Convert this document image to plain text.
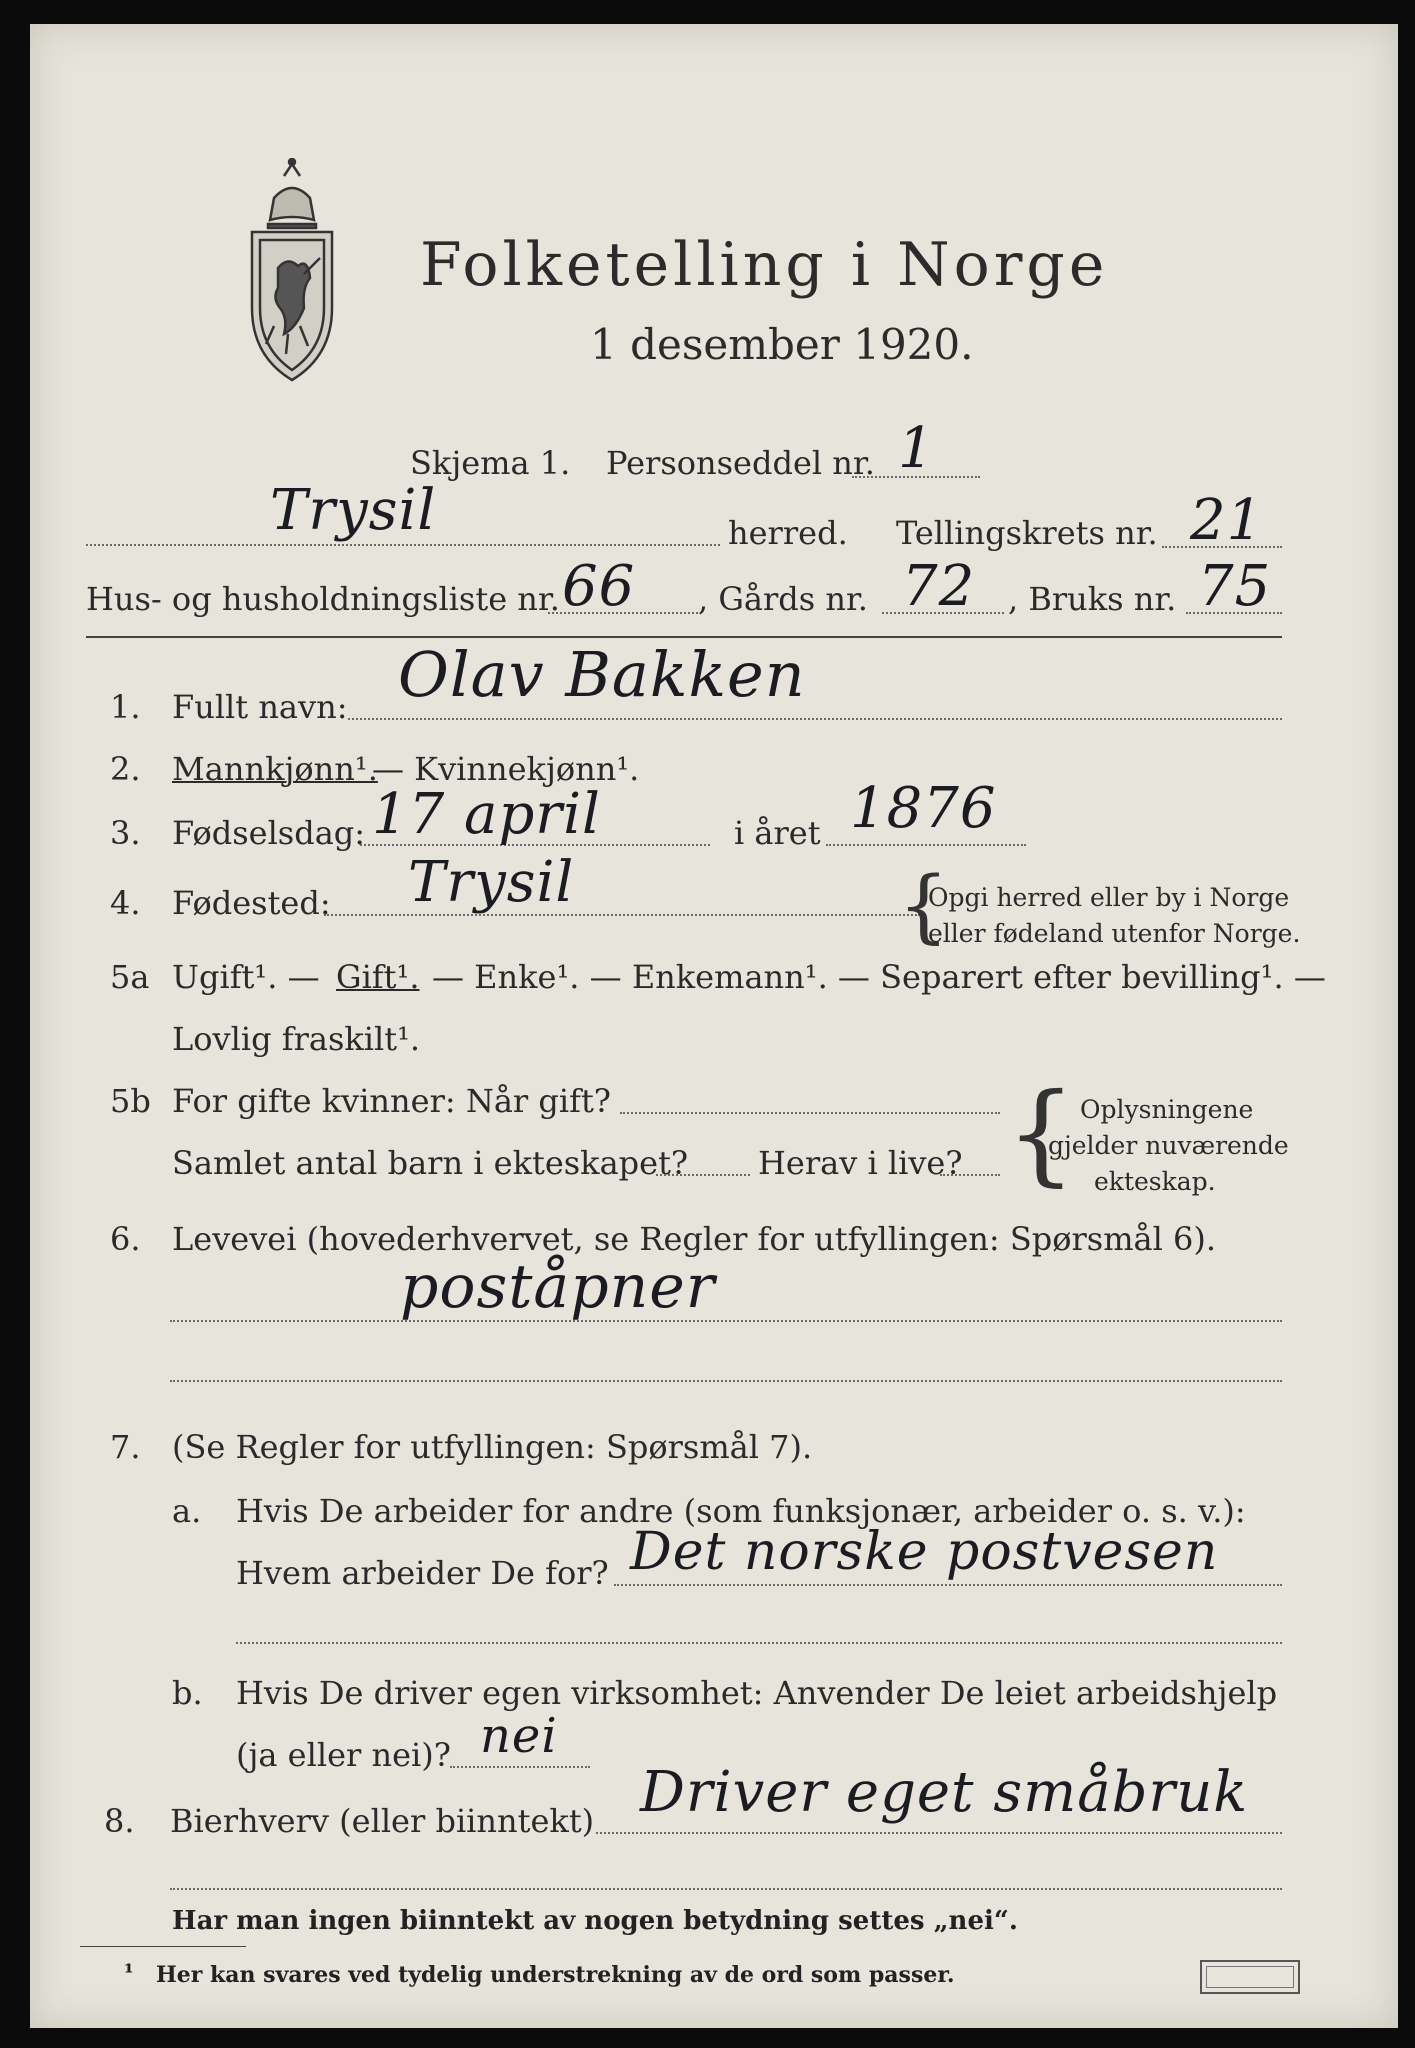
Folketelling i Norge
1 desember 1920.
Skjema 1. Personseddel nr. 1
Trysil	herred. Tellingskrets nr. 21
Hus- og husholdningsliste nr. 66 , Gårds nr. 72 , Bruks nr. 75
1. Fullt navn: Olav Bakken
2. Mannkjønn¹.
— Kvinnekjønn¹.
3. Fødselsdag: 17 april	i året 1876
4. Fødested: Trysil	{
Opgi herred eller by i Norge
eller fødeland utenfor Norge.
5a Ugift¹. — Gift¹. — Enke¹. — Enkemann¹. — Separert efter bevilling¹. —
Lovlig fraskilt¹.
5b For gifte kvinner: Når gift?
Samlet antal barn i ekteskapet? Herav i live? { Oplysningene
gjelder nuværende
ekteskap.
6. Levevei (hovederhvervet, se Regler for utfyllingen: Spørsmål 6).
poståpner
7. (Se Regler for utfyllingen: Spørsmål 7).
a. Hvis De arbeider for andre (som funksjonær, arbeider o. s. v.):
Hvem arbeider De for? Det norske postvesen
b. Hvis De driver egen virksomhet: Anvender De leiet arbeidshjelp
(ja eller nei)? nei
8. Bierhverv (eller biinntekt) Driver eget småbruk
Har man ingen biinntekt av nogen betydning settes „nei“.
¹ Her kan svares ved tydelig understrekning av de ord som passer.
